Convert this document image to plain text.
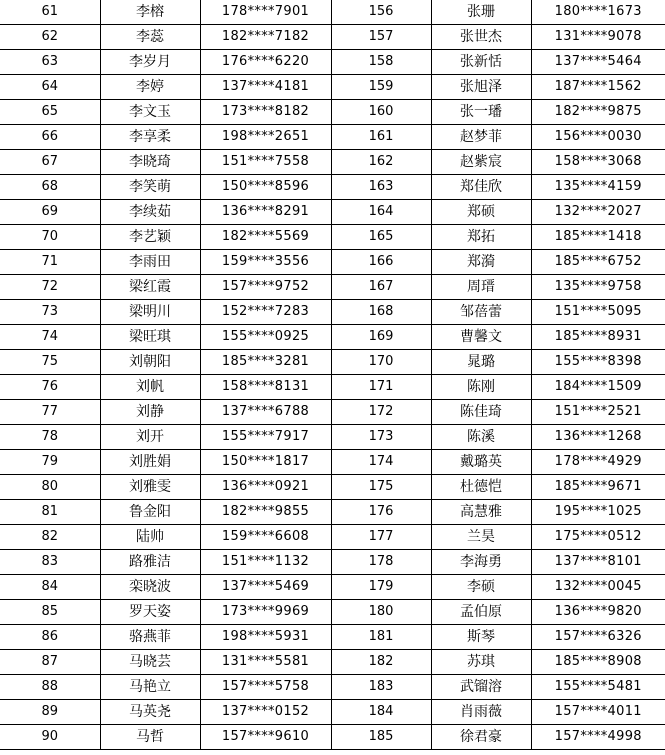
61	李榕	178****7901	156	张珊	180****1673
62	李蕊	182****7182	157	张世杰	131****9078
63	李岁月	176****6220	158	张新恬	137****5464
64	李婷	137****4181	159	张旭泽	187****1562
65	李文玉	173****8182	160	张一璠	182****9875
66	李享柔	198****2651	161	赵梦菲	156****0030
67	李晓琦	151****7558	162	赵紫宸	158****3068
68	李笑萌	150****8596	163	郑佳欣	135****4159
69	李续茹	136****8291	164	郑硕	132****2027
70	李艺颖	182****5569	165	郑拓	185****1418
71	李雨田	159****3556	166	郑漪	185****6752
72	梁红霞	157****9752	167	周瑨	135****9758
73	梁明川	152****7283	168	邹蓓蕾	151****5095
74	梁旺琪	155****0925	169	曹馨文	185****8931
75	刘朝阳	185****3281	170	晁璐	155****8398
76	刘帆	158****8131	171	陈刚	184****1509
77	刘静	137****6788	172	陈佳琦	151****2521
78	刘开	155****7917	173	陈溪	136****1268
79	刘胜娟	150****1817	174	戴璐英	178****4929
80	刘雅雯	136****0921	175	杜德恺	185****9671
81	鲁金阳	182****9855	176	高慧雅	195****1025
82	陆帅	159****6608	177	兰昊	175****0512
83	路雅洁	151****1132	178	李海勇	137****8101
84	栾晓波	137****5469	179	李硕	132****0045
85	罗天姿	173****9969	180	孟伯原	136****9820
86	骆燕菲	198****5931	181	斯琴	157****6326
87	马晓芸	131****5581	182	苏琪	185****8908
88	马艳立	157****5758	183	武镏溶	155****5481
89	马英尧	137****0152	184	肖雨薇	157****4011
90	马哲	157****9610	185	徐君豪	157****4998
